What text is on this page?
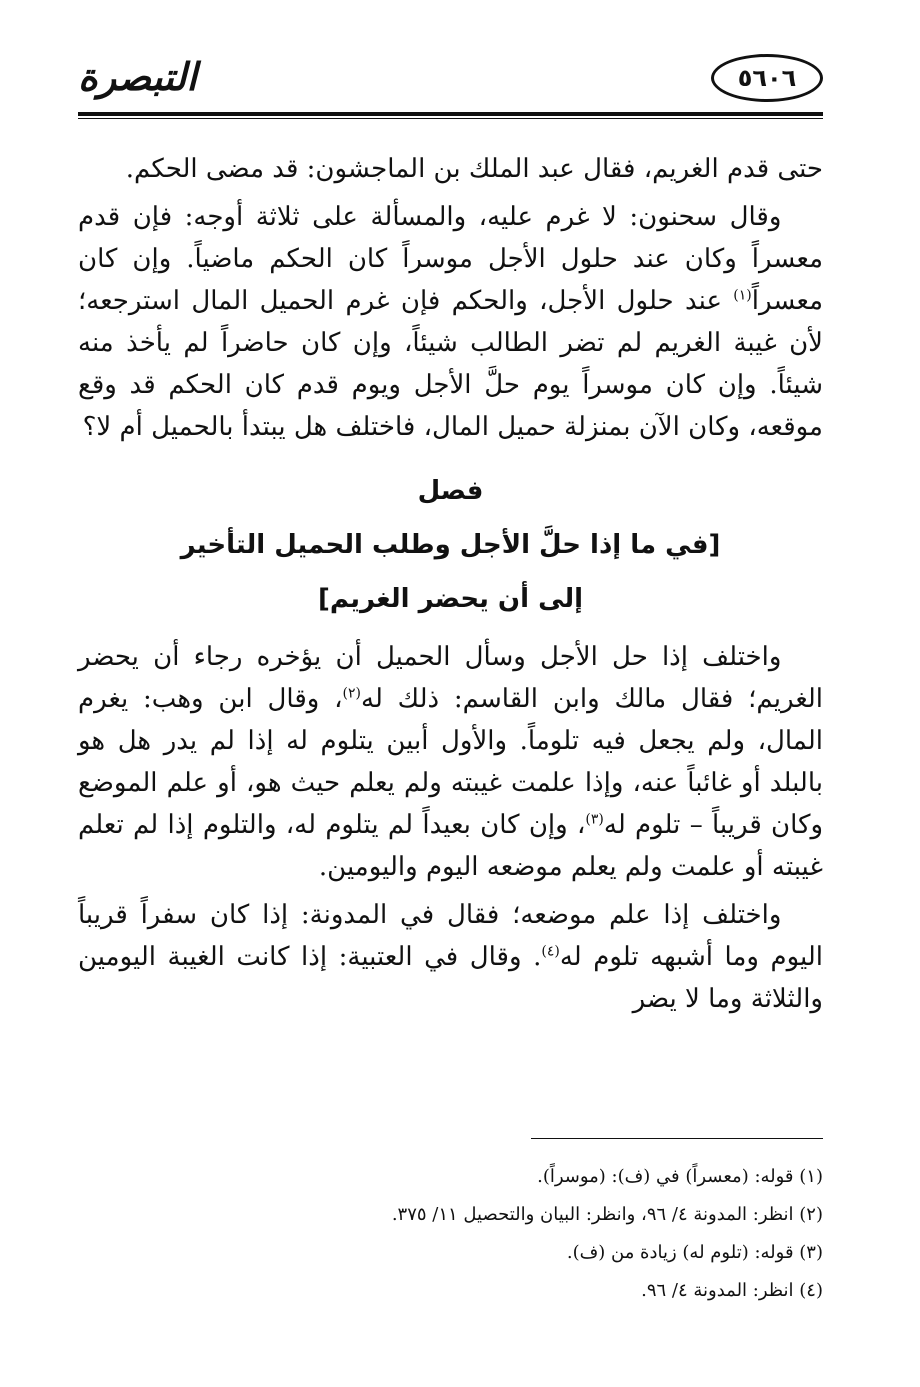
التبصرة	٥٦٠٦

حتى قدم الغريم، فقال عبد الملك بن الماجشون: قد مضى الحكم.

وقال سحنون: لا غرم عليه، والمسألة على ثلاثة أوجه: فإن قدم معسراً وكان عند حلول الأجل موسراً كان الحكم ماضياً. وإن كان معسراً$^{(١)}$ عند حلول الأجل، والحكم فإن غرم الحميل المال استرجعه؛ لأن غيبة الغريم لم تضر الطالب شيئاً، وإن كان حاضراً لم يأخذ منه شيئاً. وإن كان موسراً يوم حلَّ الأجل ويوم قدم كان الحكم قد وقع موقعه، وكان الآن بمنزلة حميل المال، فاختلف هل يبتدأ بالحميل أم لا؟

فصل

[في ما إذا حلَّ الأجل وطلب الحميل التأخير

إلى أن يحضر الغريم]

واختلف إذا حل الأجل وسأل الحميل أن يؤخره رجاء أن يحضر الغريم؛ فقال مالك وابن القاسم: ذلك له$^{(٢)}$، وقال ابن وهب: يغرم المال، ولم يجعل فيه تلوماً. والأول أبين يتلوم له إذا لم يدر هل هو بالبلد أو غائباً عنه، وإذا علمت غيبته ولم يعلم حيث هو، أو علم الموضع وكان قريباً – تلوم له$^{(٣)}$، وإن كان بعيداً لم يتلوم له، والتلوم إذا لم تعلم غيبته أو علمت ولم يعلم موضعه اليوم واليومين.

واختلف إذا علم موضعه؛ فقال في المدونة: إذا كان سفراً قريباً اليوم وما أشبهه تلوم له$^{(٤)}$. وقال في العتبية: إذا كانت الغيبة اليومين والثلاثة وما لا يضر

(١) قوله: (معسراً) في (ف): (موسراً).

(٢) انظر: المدونة ٤/ ٩٦، وانظر: البيان والتحصيل ١١/ ٣٧٥.

(٣) قوله: (تلوم له) زيادة من (ف).

(٤) انظر: المدونة ٤/ ٩٦.
